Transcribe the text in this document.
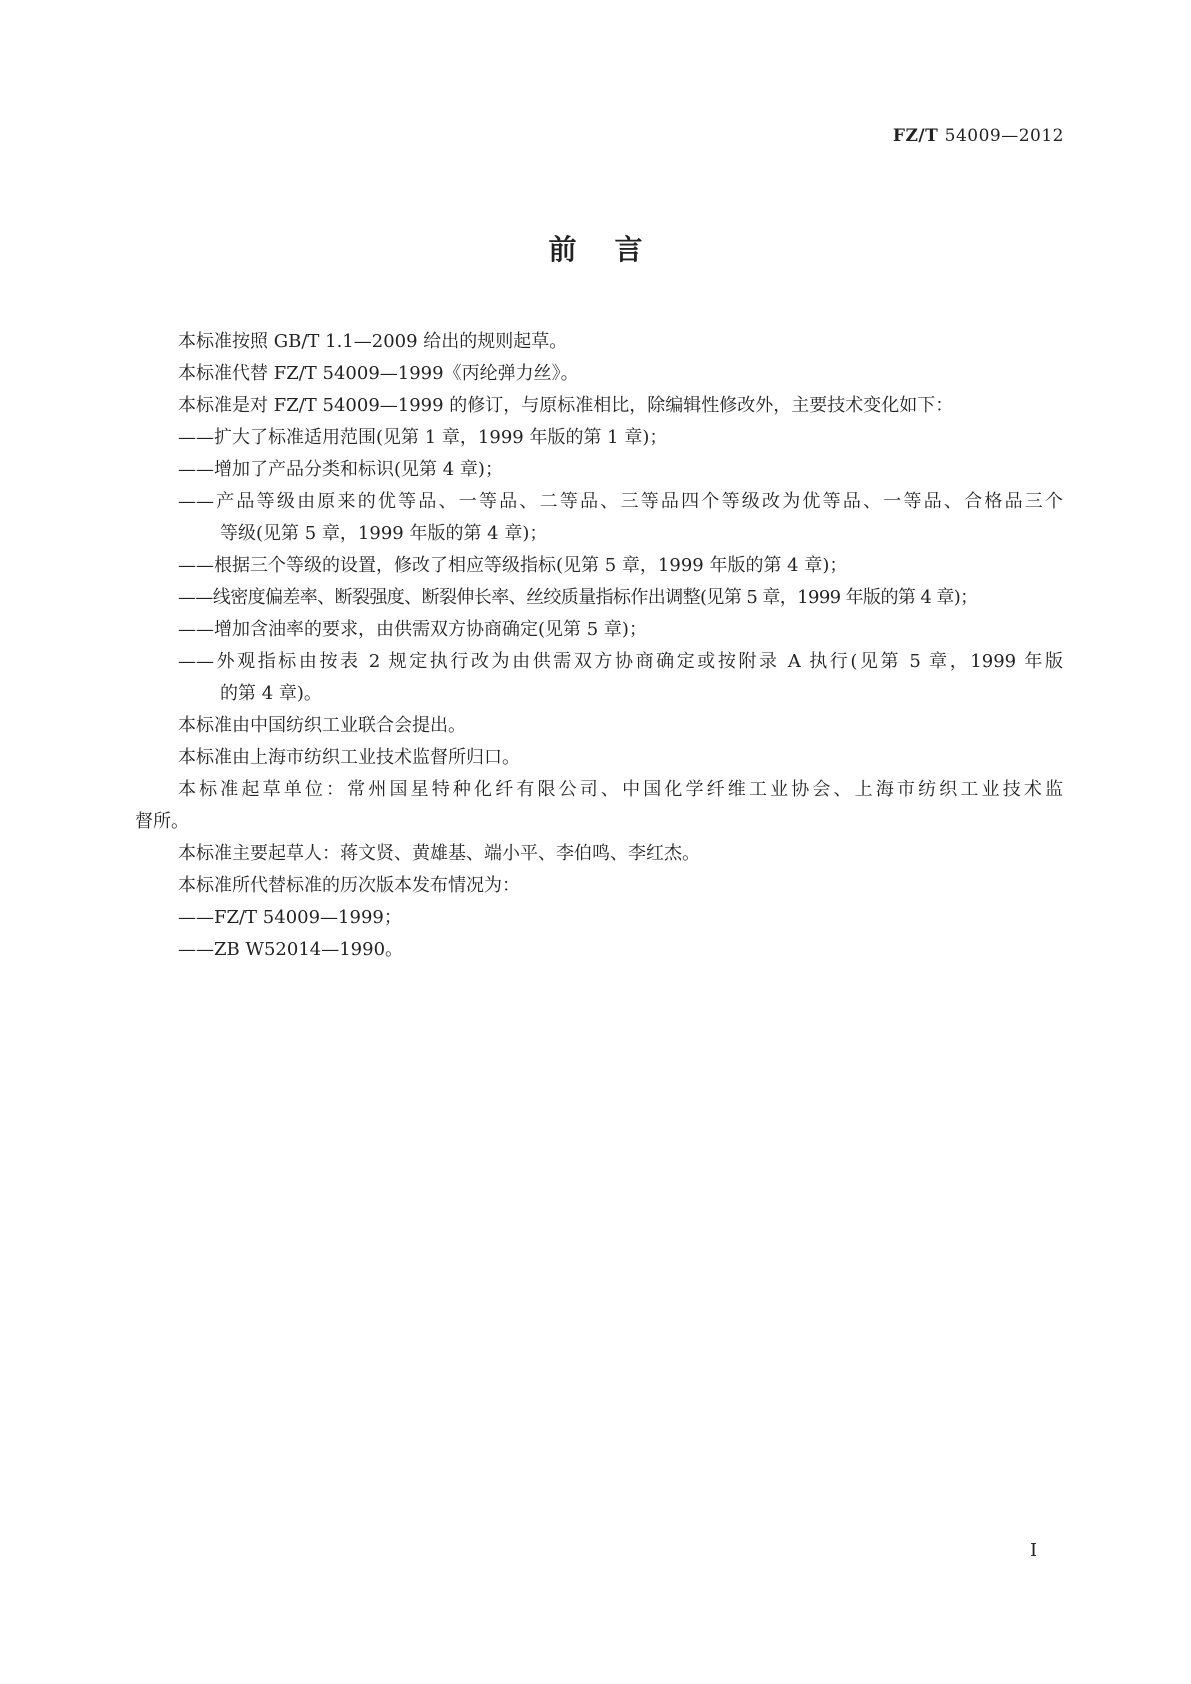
FZ/T 54009—2012
前言

本标准按照 GB/T 1.1—2009 给出的规则起草。

本标准代替 FZ/T 54009—1999《丙纶弹力丝》。

本标准是对 FZ/T 54009—1999 的修订，与原标准相比，除编辑性修改外，主要技术变化如下：

——扩大了标准适用范围(见第 1 章，1999 年版的第 1 章)；

——增加了产品分类和标识(见第 4 章)；

——产品等级由原来的优等品、一等品、二等品、三等品四个等级改为优等品、一等品、合格品三个
等级(见第 5 章，1999 年版的第 4 章)；

——根据三个等级的设置，修改了相应等级指标(见第 5 章，1999 年版的第 4 章)；

——线密度偏差率、断裂强度、断裂伸长率、丝绞质量指标作出调整(见第 5 章，1999 年版的第 4 章)；

——增加含油率的要求，由供需双方协商确定(见第 5 章)；

——外观指标由按表 2 规定执行改为由供需双方协商确定或按附录 A 执行(见第 5 章，1999 年版
的第 4 章)。

本标准由中国纺织工业联合会提出。

本标准由上海市纺织工业技术监督所归口。

本标准起草单位：常州国星特种化纤有限公司、中国化学纤维工业协会、上海市纺织工业技术监
督所。

本标准主要起草人：蒋文贤、黄雄基、端小平、李伯鸣、李红杰。

本标准所代替标准的历次版本发布情况为：

——FZ/T 54009—1999；

——ZB W52014—1990。

I
